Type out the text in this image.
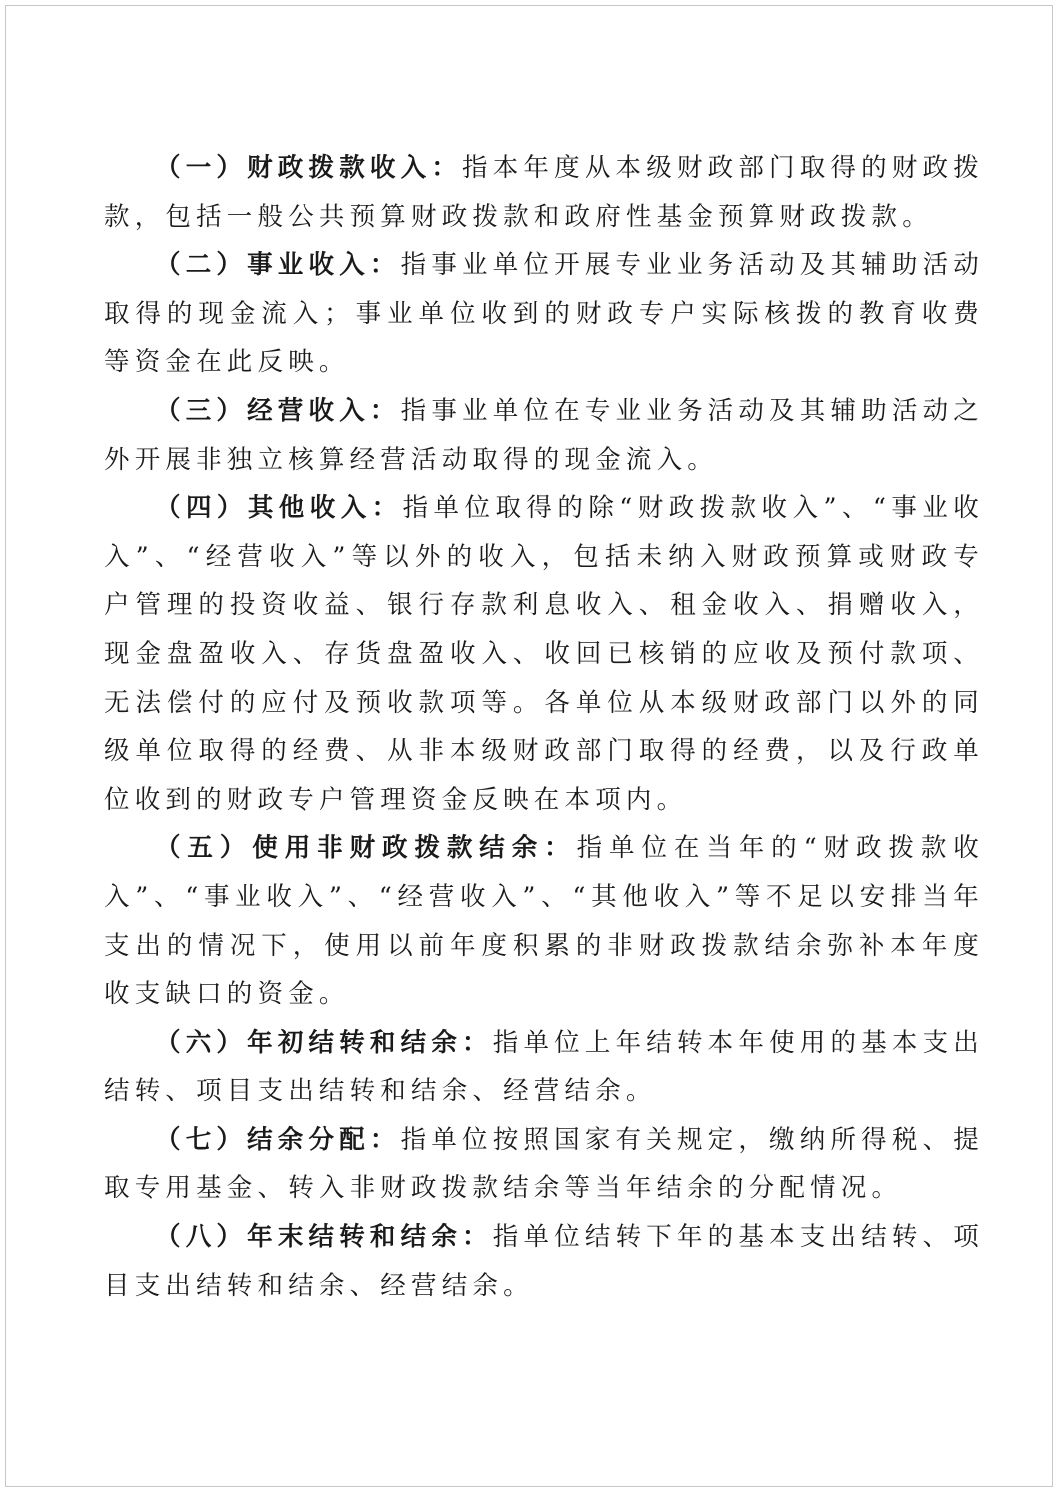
（一）财政拨款收入：指本年度从本级财政部门取得的财政拨款，包括一般公共预算财政拨款和政府性基金预算财政拨款。

（二）事业收入：指事业单位开展专业业务活动及其辅助活动取得的现金流入；事业单位收到的财政专户实际核拨的教育收费等资金在此反映。

（三）经营收入：指事业单位在专业业务活动及其辅助活动之外开展非独立核算经营活动取得的现金流入。

（四）其他收入：指单位取得的除“财政拨款收入”、“事业收入”、“经营收入”等以外的收入，包括未纳入财政预算或财政专户管理的投资收益、银行存款利息收入、租金收入、捐赠收入，现金盘盈收入、存货盘盈收入、收回已核销的应收及预付款项、无法偿付的应付及预收款项等。各单位从本级财政部门以外的同级单位取得的经费、从非本级财政部门取得的经费，以及行政单位收到的财政专户管理资金反映在本项内。

（五）使用非财政拨款结余：指单位在当年的“财政拨款收入”、“事业收入”、“经营收入”、“其他收入”等不足以安排当年支出的情况下，使用以前年度积累的非财政拨款结余弥补本年度收支缺口的资金。

（六）年初结转和结余：指单位上年结转本年使用的基本支出结转、项目支出结转和结余、经营结余。

（七）结余分配：指单位按照国家有关规定，缴纳所得税、提取专用基金、转入非财政拨款结余等当年结余的分配情况。

（八）年末结转和结余：指单位结转下年的基本支出结转、项目支出结转和结余、经营结余。
